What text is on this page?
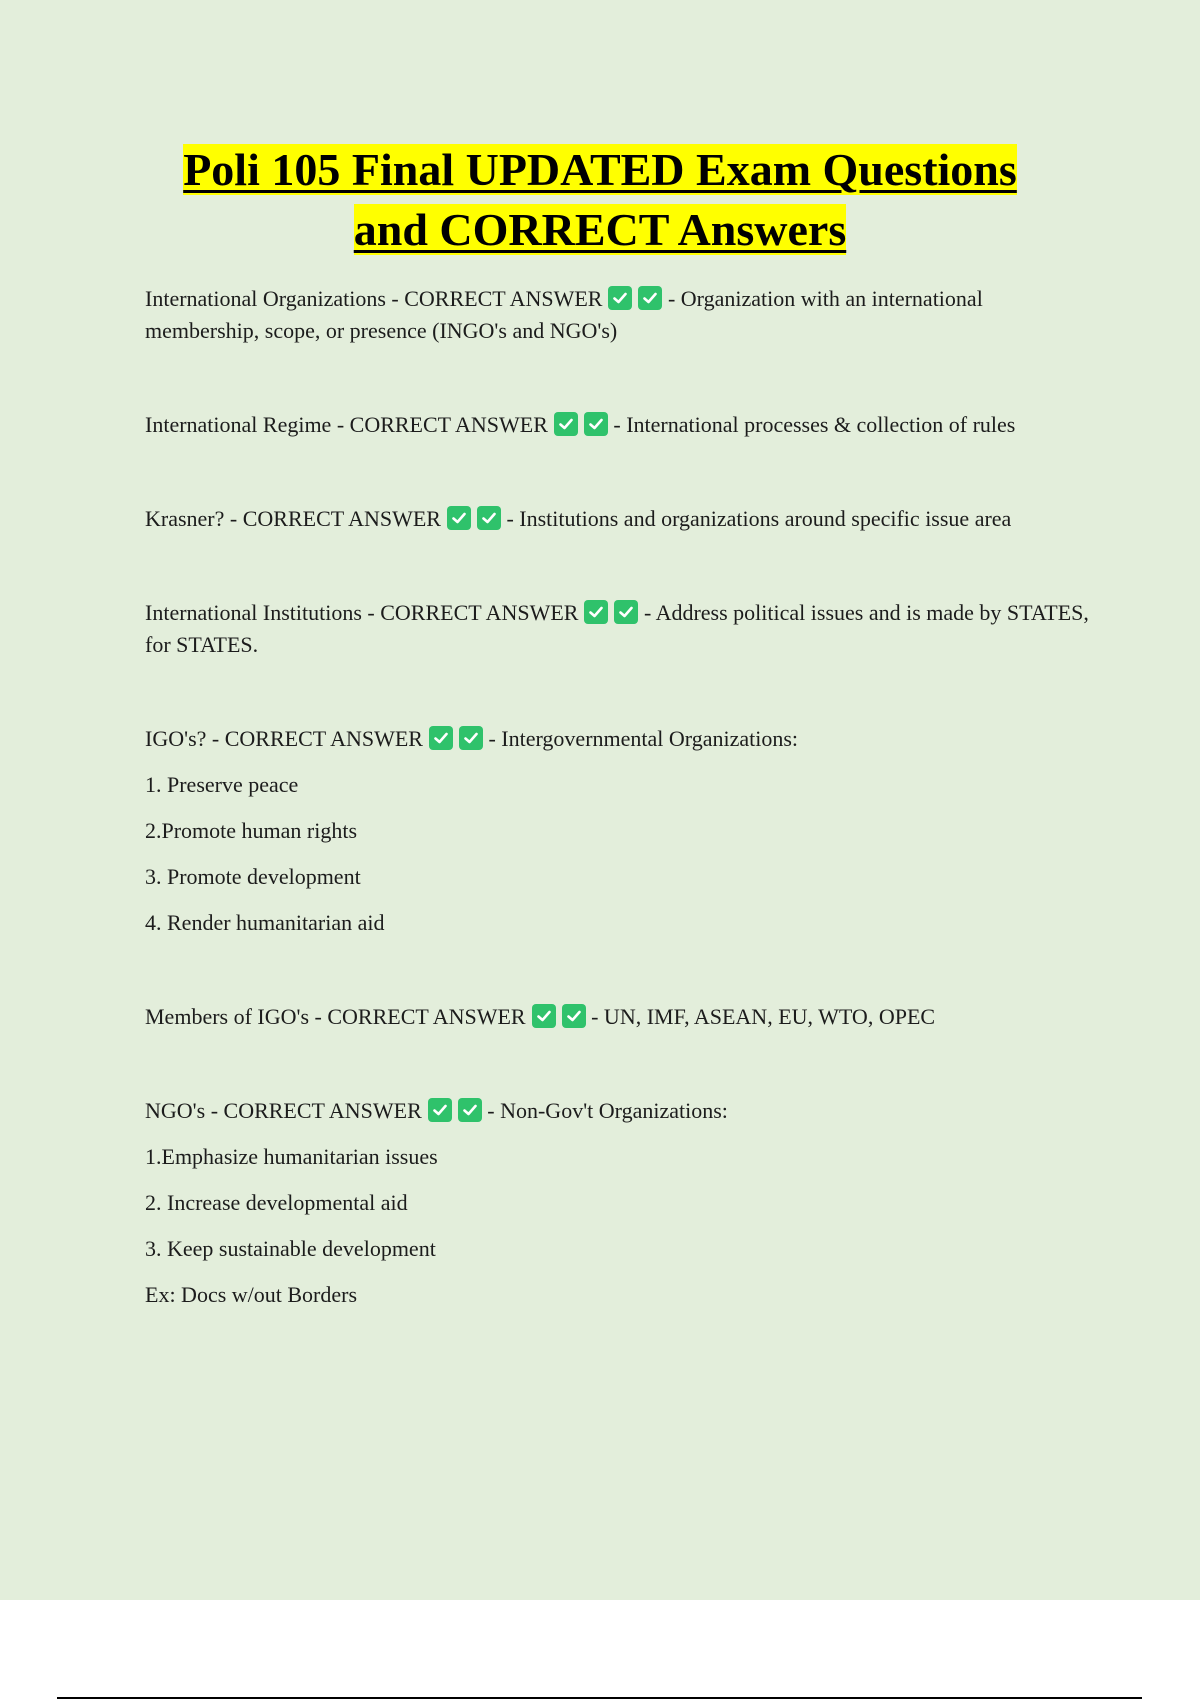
Poli 105 Final UPDATED Exam Questions
and CORRECT Answers

International Organizations - CORRECT ANSWER	- Organization with an international membership, scope, or presence (INGO's and NGO's)

International Regime - CORRECT ANSWER	- International processes & collection of rules

Krasner? - CORRECT ANSWER	- Institutions and organizations around specific issue area

International Institutions - CORRECT ANSWER	- Address political issues and is made by STATES, for STATES.

IGO's? - CORRECT ANSWER	- Intergovernmental Organizations:

1. Preserve peace

2.Promote human rights

3. Promote development

4. Render humanitarian aid

Members of IGO's - CORRECT ANSWER	- UN, IMF, ASEAN, EU, WTO, OPEC

NGO's - CORRECT ANSWER	- Non-Gov't Organizations:

1.Emphasize humanitarian issues

2. Increase developmental aid

3. Keep sustainable development

Ex: Docs w/out Borders
